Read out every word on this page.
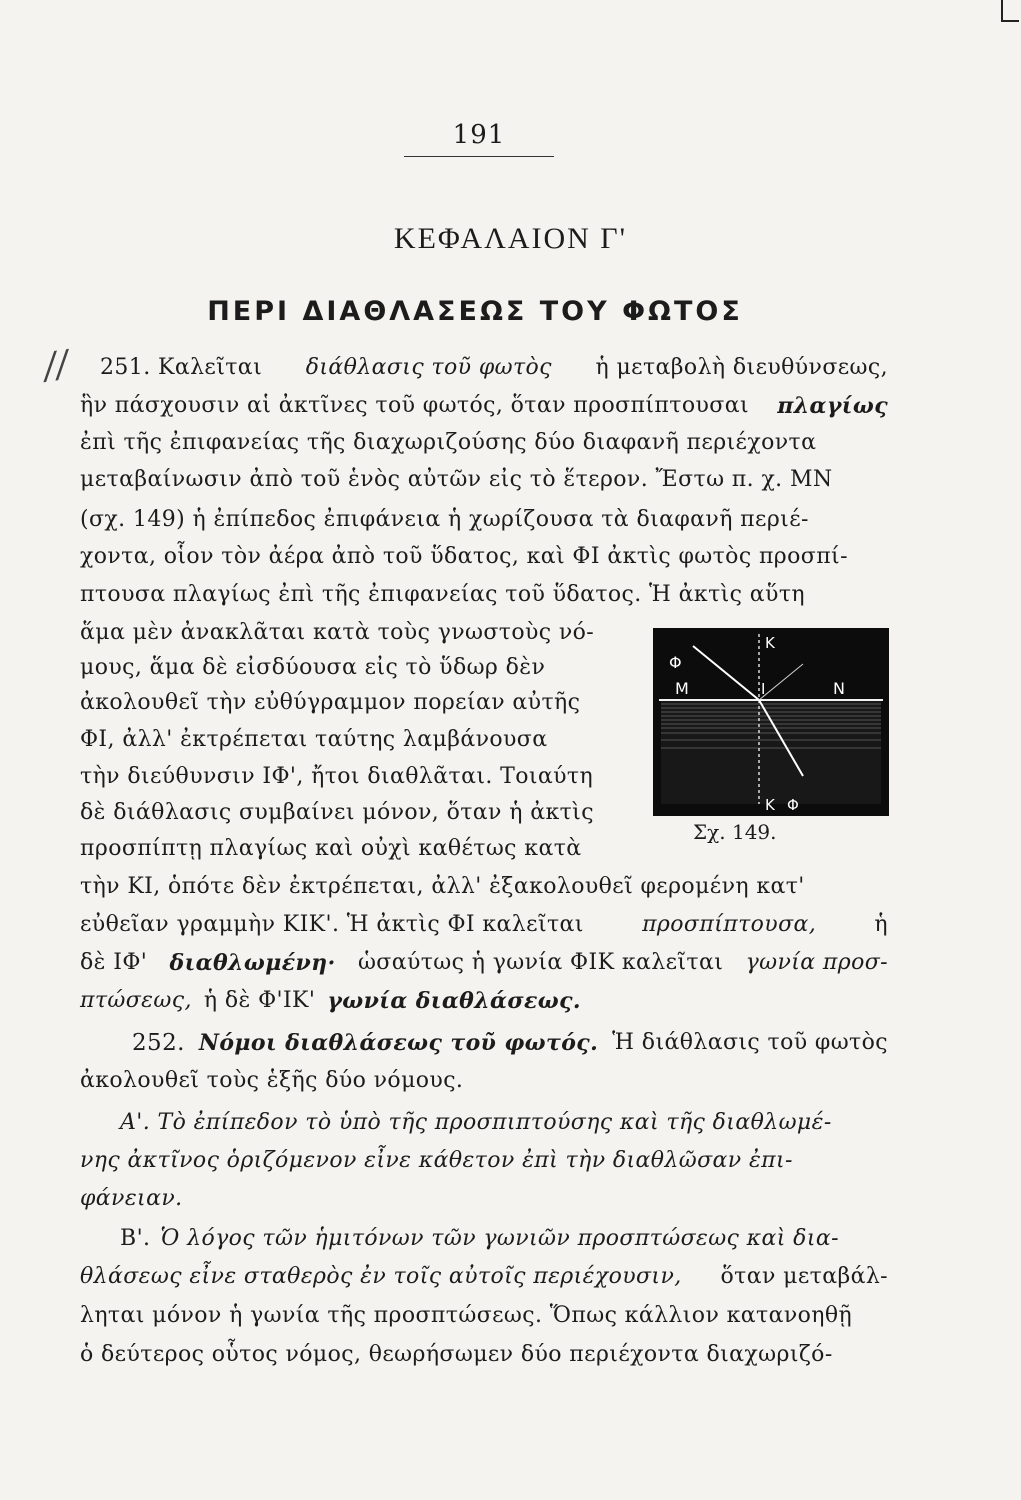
191
ΚΕΦΑΛΑΙΟΝ Γ'
ΠΕΡΙ ΔΙΑΘΛΑΣΕΩΣ ΤΟΥ ΦΩΤΟΣ
// 251. Καλεῖται διάθλασις τοῦ φωτὸς ἡ μεταβολὴ διευθύνσεως,
ἣν πάσχουσιν αἱ ἀκτῖνες τοῦ φωτός, ὅταν προσπίπτουσαι πλαγίως
ἐπὶ τῆς ἐπιφανείας τῆς διαχωριζούσης δύο διαφανῆ περιέχοντα
μεταβαίνωσιν ἀπὸ τοῦ ἑνὸς αὐτῶν εἰς τὸ ἕτερον. Ἔστω π. χ. ΜΝ
(σχ. 149) ἡ ἐπίπεδος ἐπιφάνεια ἡ χωρίζουσα τὰ διαφανῆ περιέ-
χοντα, οἷον τὸν ἀέρα ἀπὸ τοῦ ὕδατος, καὶ ΦΙ ἀκτὶς φωτὸς προσπί-
πτουσα πλαγίως ἐπὶ τῆς ἐπιφανείας τοῦ ὕδατος. Ἡ ἀκτὶς αὕτη
ἅμα μὲν ἀνακλᾶται κατὰ τοὺς γνωστοὺς νό-
μους, ἅμα δὲ εἰσδύουσα εἰς τὸ ὕδωρ δὲν
ἀκολουθεῖ τὴν εὐθύγραμμον πορείαν αὐτῆς
ΦΙ, ἀλλ' ἐκτρέπεται ταύτης λαμβάνουσα
τὴν διεύθυνσιν ΙΦ', ἤτοι διαθλᾶται. Τοιαύτη
δὲ διάθλασις συμβαίνει μόνον, ὅταν ἡ ἀκτὶς
προσπίπτῃ πλαγίως καὶ οὐχὶ καθέτως κατὰ
Φ
Κ
Μ	Ι	Ν
Κ Φ
Σχ. 149.
τὴν ΚΙ, ὁπότε δὲν ἐκτρέπεται, ἀλλ' ἐξακολουθεῖ φερομένη κατ'
εὐθεῖαν γραμμὴν ΚΙΚ'. Ἡ ἀκτὶς ΦΙ καλεῖται	προσπίπτουσα,	ἡ
δὲ ΙΦ' διαθλωμένη· ὡσαύτως ἡ γωνία ΦΙΚ καλεῖται γωνία προσ-
πτώσεως, ἡ δὲ Φ'ΙΚ' γωνία διαθλάσεως.
252. Νόμοι διαθλάσεως τοῦ φωτός. Ἡ διάθλασις τοῦ φωτὸς
ἀκολουθεῖ τοὺς ἑξῆς δύο νόμους.
Α'. Τὸ ἐπίπεδον τὸ ὑπὸ τῆς προσπιπτούσης καὶ τῆς διαθλωμέ-
νης ἀκτῖνος ὁριζόμενον εἶνε κάθετον ἐπὶ τὴν διαθλῶσαν ἐπι-
φάνειαν.
Β'. Ὁ λόγος τῶν ἡμιτόνων τῶν γωνιῶν προσπτώσεως καὶ δια-
θλάσεως εἶνε σταθερὸς ἐν τοῖς αὐτοῖς περιέχουσιν, ὅταν μεταβάλ-
ληται μόνον ἡ γωνία τῆς προσπτώσεως. Ὅπως κάλλιον κατανοηθῇ
ὁ δεύτερος οὗτος νόμος, θεωρήσωμεν δύο περιέχοντα διαχωριζό-
